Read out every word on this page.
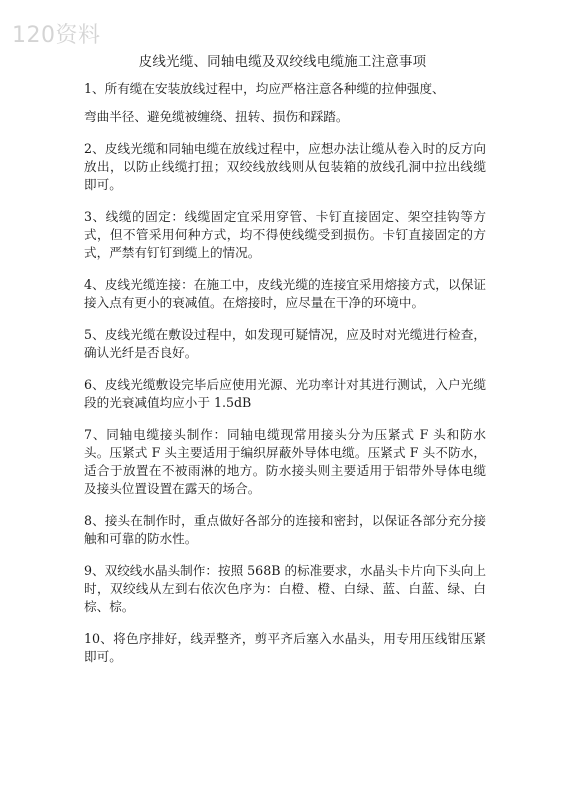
120资料
皮线光缆、同轴电缆及双绞线电缆施工注意事项

1、所有缆在安装放线过程中，均应严格注意各种缆的拉伸强度、

弯曲半径、避免缆被缠绕、扭转、损伤和踩踏。

2、皮线光缆和同轴电缆在放线过程中，应想办法让缆从卷入时的反方向放出，以防止线缆打扭；双绞线放线则从包装箱的放线孔洞中拉出线缆即可。

3、线缆的固定：线缆固定宜采用穿管、卡钉直接固定、架空挂钩等方式，但不管采用何种方式，均不得使线缆受到损伤。卡钉直接固定的方式，严禁有钉钉到缆上的情况。

4、皮线光缆连接：在施工中，皮线光缆的连接宜采用熔接方式，以保证接入点有更小的衰减值。在熔接时，应尽量在干净的环境中。

5、皮线光缆在敷设过程中，如发现可疑情况，应及时对光缆进行检查，确认光纤是否良好。

6、皮线光缆敷设完毕后应使用光源、光功率计对其进行测试，入户光缆段的光衰减值均应小于 1.5dB

7、同轴电缆接头制作：同轴电缆现常用接头分为压紧式 F 头和防水头。压紧式 F 头主要适用于编织屏蔽外导体电缆。压紧式 F 头不防水，适合于放置在不被雨淋的地方。防水接头则主要适用于铝带外导体电缆及接头位置设置在露天的场合。

8、接头在制作时，重点做好各部分的连接和密封，以保证各部分充分接触和可靠的防水性。

9、双绞线水晶头制作：按照 568B 的标准要求，水晶头卡片向下头向上时，双绞线从左到右依次色序为：白橙、橙、白绿、蓝、白蓝、绿、白棕、棕。

10、将色序排好，线弄整齐，剪平齐后塞入水晶头，用专用压线钳压紧即可。
